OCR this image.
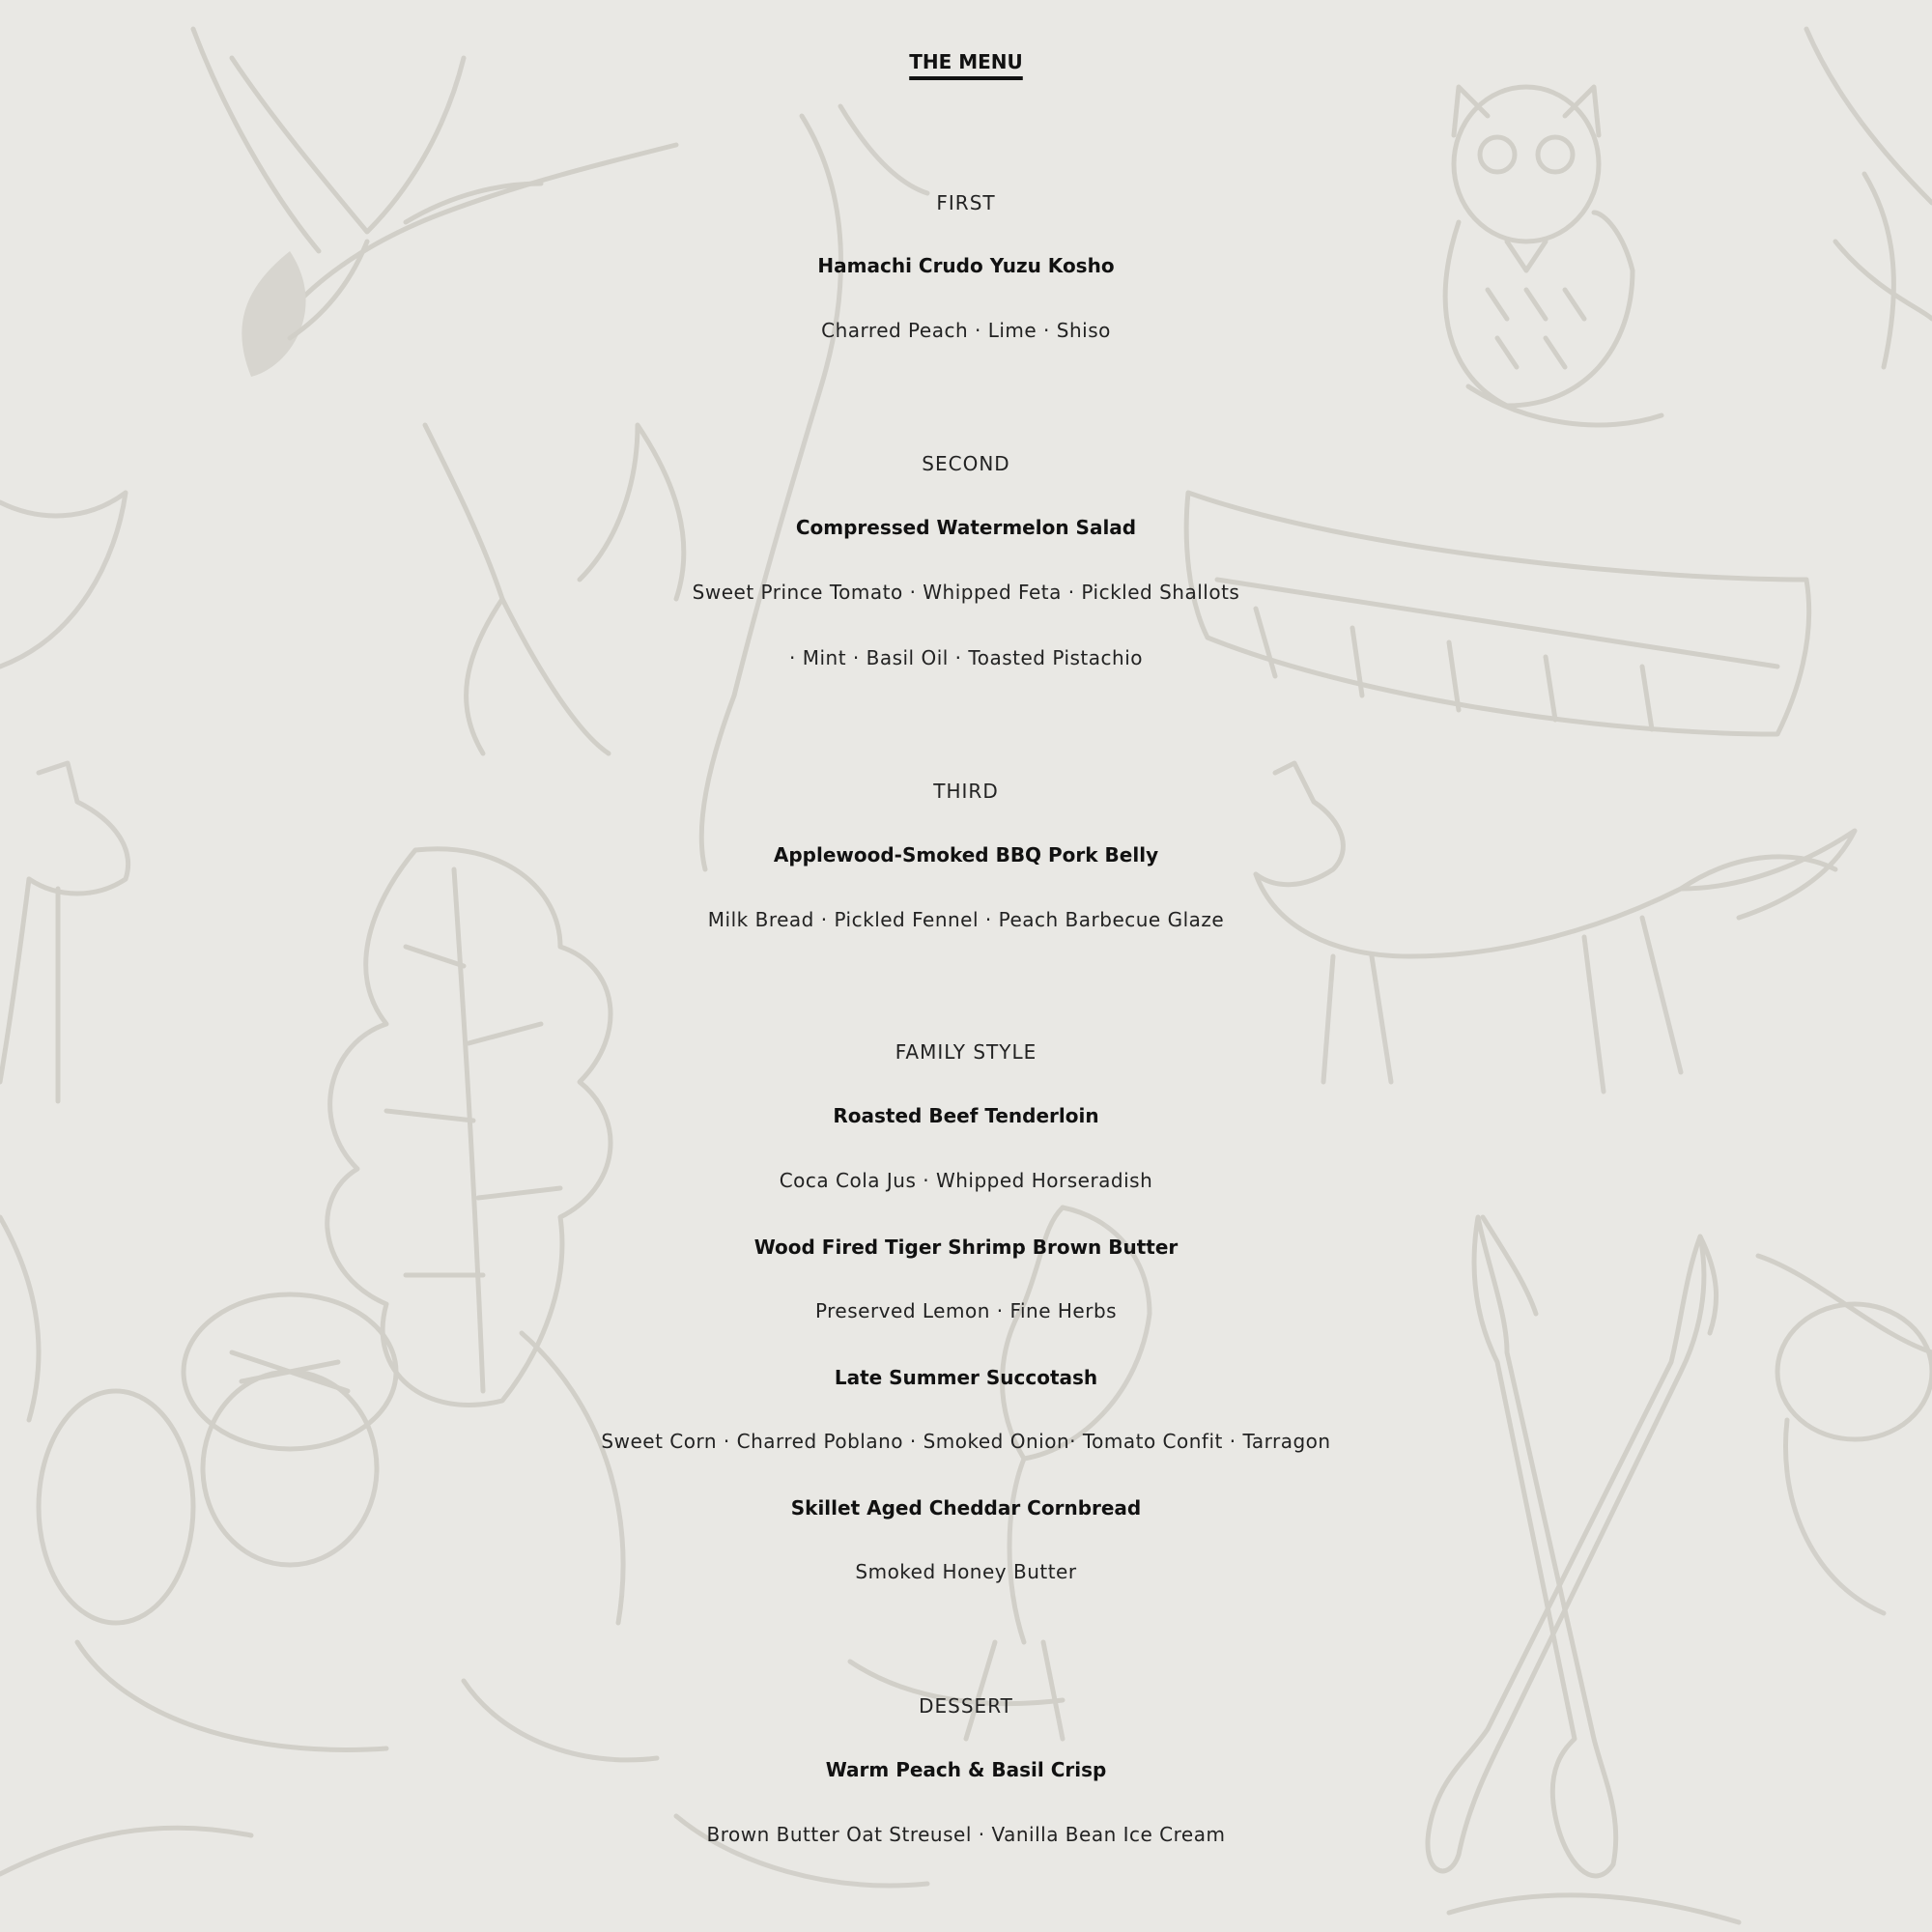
THE MENU
FIRST
Hamachi Crudo Yuzu Kosho
Charred Peach · Lime · Shiso
SECOND
Compressed Watermelon Salad
Sweet Prince Tomato · Whipped Feta · Pickled Shallots
· Mint · Basil Oil · Toasted Pistachio
THIRD
Applewood-Smoked BBQ Pork Belly
Milk Bread · Pickled Fennel · Peach Barbecue Glaze
FAMILY STYLE
Roasted Beef Tenderloin
Coca Cola Jus · Whipped Horseradish
Wood Fired Tiger Shrimp Brown Butter
Preserved Lemon · Fine Herbs
Late Summer Succotash
Sweet Corn · Charred Poblano · Smoked Onion· Tomato Confit · Tarragon
Skillet Aged Cheddar Cornbread
Smoked Honey Butter
DESSERT
Warm Peach & Basil Crisp
Brown Butter Oat Streusel · Vanilla Bean Ice Cream
